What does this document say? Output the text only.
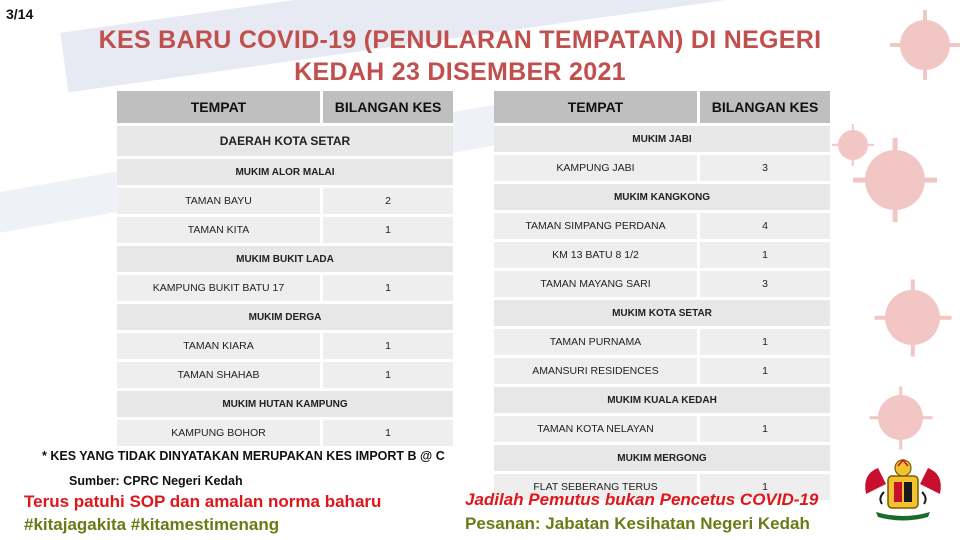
3/14
KES BARU COVID-19 (PENULARAN TEMPATAN) DI NEGERI
KEDAH 23 DISEMBER 2021
TEMPAT	BILANGAN KES

DAERAH KOTA SETAR	

MUKIM ALOR MALAI	

TAMAN BAYU	2

TAMAN KITA	1

MUKIM BUKIT LADA	

KAMPUNG BUKIT BATU 17	1

MUKIM DERGA	

TAMAN KIARA	1

TAMAN SHAHAB	1

MUKIM HUTAN KAMPUNG	

KAMPUNG BOHOR	1
TEMPAT	BILANGAN KES

MUKIM JABI	

KAMPUNG JABI	3

MUKIM KANGKONG	

TAMAN SIMPANG PERDANA	4

KM 13 BATU 8 1/2	1

TAMAN MAYANG SARI	3

MUKIM KOTA SETAR	

TAMAN PURNAMA	1

AMANSURI RESIDENCES	1

MUKIM KUALA KEDAH	

TAMAN KOTA NELAYAN	1

MUKIM MERGONG	

FLAT SEBERANG TERUS	1
* KES YANG TIDAK DINYATAKAN MERUPAKAN KES IMPORT B @ C
Sumber: CPRC Negeri Kedah
Terus patuhi SOP dan amalan norma baharu
#kitajagakita #kitamestimenang
Jadilah Pemutus bukan Pencetus COVID-19
Pesanan: Jabatan Kesihatan Negeri Kedah
